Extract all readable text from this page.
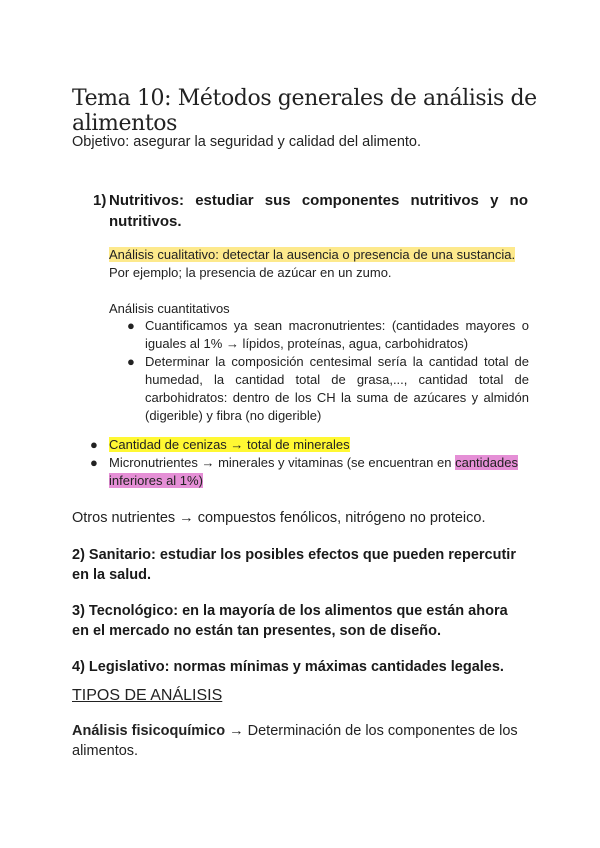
Tema 10: Métodos generales de análisis de alimentos
Objetivo: asegurar la seguridad y calidad del alimento.
1) Nutritivos: estudiar sus componentes nutritivos y no nutritivos.
Análisis cualitativo: detectar la ausencia o presencia de una sustancia.
Por ejemplo; la presencia de azúcar en un zumo.
Análisis cuantitativos
● Cuantificamos ya sean macronutrientes: (cantidades mayores o iguales al 1% → lípidos, proteínas, agua, carbohidratos)
● Determinar la composición centesimal sería la cantidad total de humedad, la cantidad total de grasa,..., cantidad total de carbohidratos: dentro de los CH la suma de azúcares y almidón (digerible) y fibra (no digerible)
● Cantidad de cenizas → total de minerales
● Micronutrientes → minerales y vitaminas (se encuentran en cantidades inferiores al 1%)
Otros nutrientes → compuestos fenólicos, nitrógeno no proteico.
2) Sanitario: estudiar los posibles efectos que pueden repercutir en la salud.
3) Tecnológico: en la mayoría de los alimentos que están ahora en el mercado no están tan presentes, son de diseño.
4) Legislativo: normas mínimas y máximas cantidades legales.
TIPOS DE ANÁLISIS
Análisis fisicoquímico → Determinación de los componentes de los alimentos.
